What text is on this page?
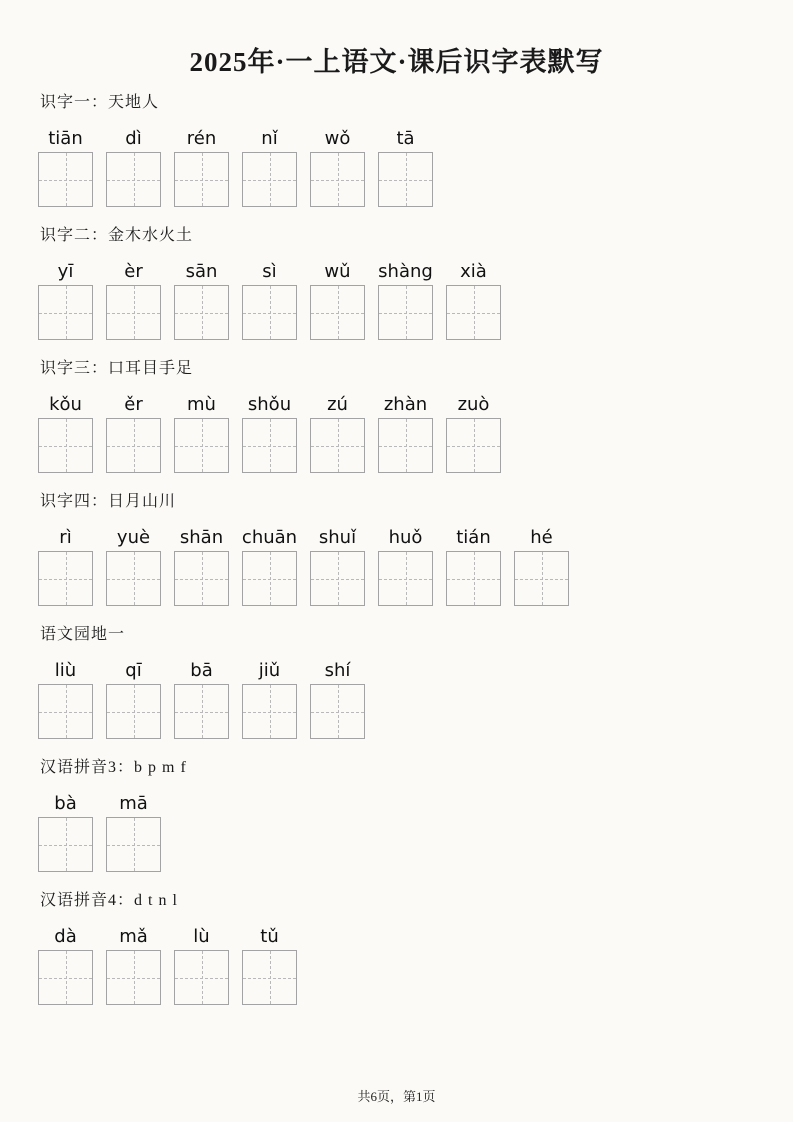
2025年·一上语文·课后识字表默写
识字一：天地人
tiān dì	rén	nǐ	wǒ	tā
识字二：金木水火土
yī	èr sān sì	wǔ shàng xià
识字三：口耳目手足
kǒu ěr mù shǒu zú zhàn zuò
识字四：日月山川
rì	yuè shān chuān shuǐ huǒ tián hé
语文园地一
liù	qī	bā	jiǔ shí
汉语拼音3：b p m f
bà mā
汉语拼音4：d t n l
dà mǎ	lù	tǔ
共6页，第1页
